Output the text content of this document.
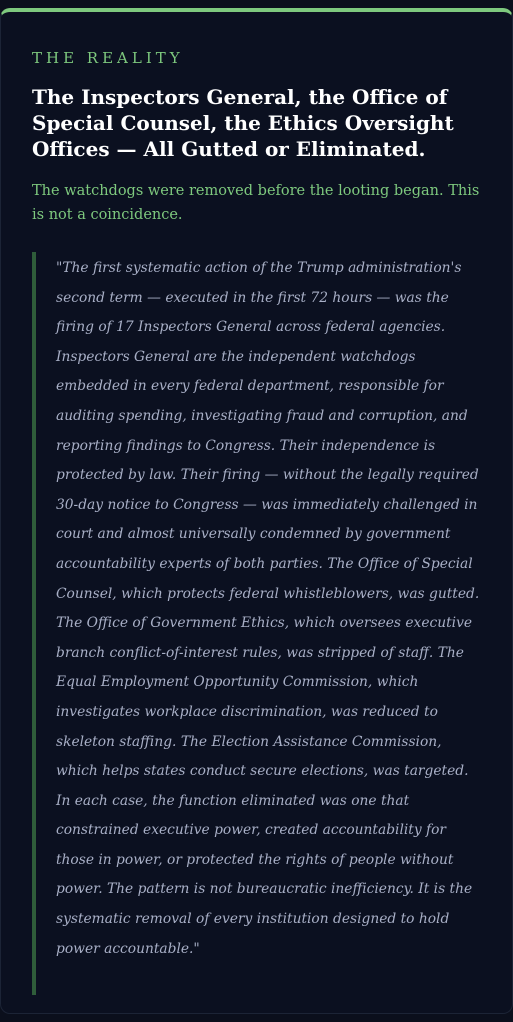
THE REALITY

The Inspectors General, the Office of Special Counsel, the Ethics Oversight Offices — All Gutted or Eliminated.

The watchdogs were removed before the looting began. This is not a coincidence.

"The first systematic action of the Trump administration's second term — executed in the first 72 hours — was the firing of 17 Inspectors General across federal agencies. Inspectors General are the independent watchdogs embedded in every federal department, responsible for auditing spending, investigating fraud and corruption, and reporting findings to Congress. Their independence is protected by law. Their firing — without the legally required 30-day notice to Congress — was immediately challenged in court and almost universally condemned by government accountability experts of both parties. The Office of Special Counsel, which protects federal whistleblowers, was gutted. The Office of Government Ethics, which oversees executive branch conflict-of-interest rules, was stripped of staff. The Equal Employment Opportunity Commission, which investigates workplace discrimination, was reduced to skeleton staffing. The Election Assistance Commission, which helps states conduct secure elections, was targeted. In each case, the function eliminated was one that constrained executive power, created accountability for those in power, or protected the rights of people without power. The pattern is not bureaucratic inefficiency. It is the systematic removal of every institution designed to hold power accountable."
